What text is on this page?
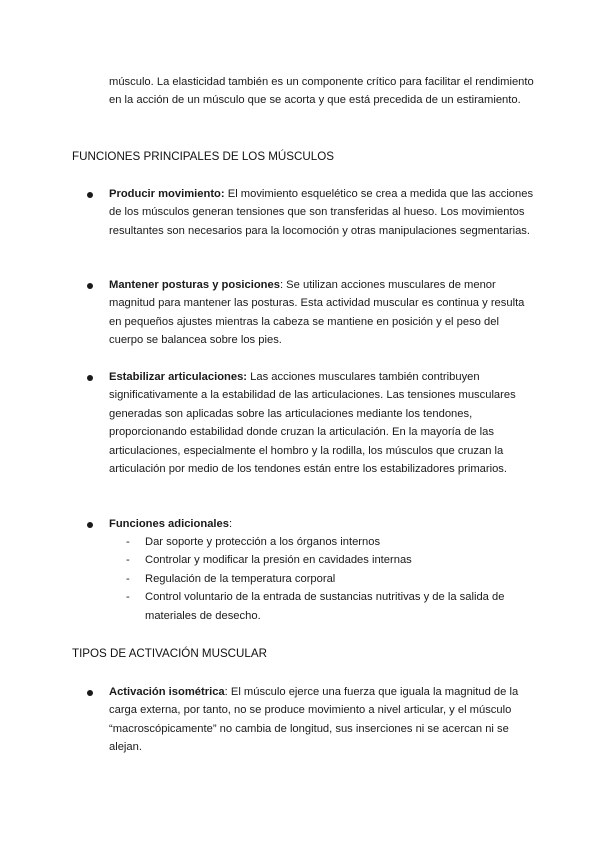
músculo. La elasticidad también es un componente crítico para facilitar el rendimiento en la acción de un músculo que se acorta y que está precedida de un estiramiento.

FUNCIONES PRINCIPALES DE LOS MÚSCULOS

Producir movimiento: El movimiento esquelético se crea a medida que las acciones de los músculos generan tensiones que son transferidas al hueso. Los movimientos resultantes son necesarios para la locomoción y otras manipulaciones segmentarias.

Mantener posturas y posiciones: Se utilizan acciones musculares de menor magnitud para mantener las posturas. Esta actividad muscular es continua y resulta en pequeños ajustes mientras la cabeza se mantiene en posición y el peso del cuerpo se balancea sobre los pies.

Estabilizar articulaciones: Las acciones musculares también contribuyen significativamente a la estabilidad de las articulaciones. Las tensiones musculares generadas son aplicadas sobre las articulaciones mediante los tendones, proporcionando estabilidad donde cruzan la articulación. En la mayoría de las articulaciones, especialmente el hombro y la rodilla, los músculos que cruzan la articulación por medio de los tendones están entre los estabilizadores primarios.

Funciones adicionales:

- Dar soporte y protección a los órganos internos
- Controlar y modificar la presión en cavidades internas
- Regulación de la temperatura corporal
- Control voluntario de la entrada de sustancias nutritivas y de la salida de materiales de desecho.
TIPOS DE ACTIVACIÓN MUSCULAR

Activación isométrica: El músculo ejerce una fuerza que iguala la magnitud de la carga externa, por tanto, no se produce movimiento a nivel articular, y el músculo “macroscópicamente” no cambia de longitud, sus inserciones ni se acercan ni se alejan.
